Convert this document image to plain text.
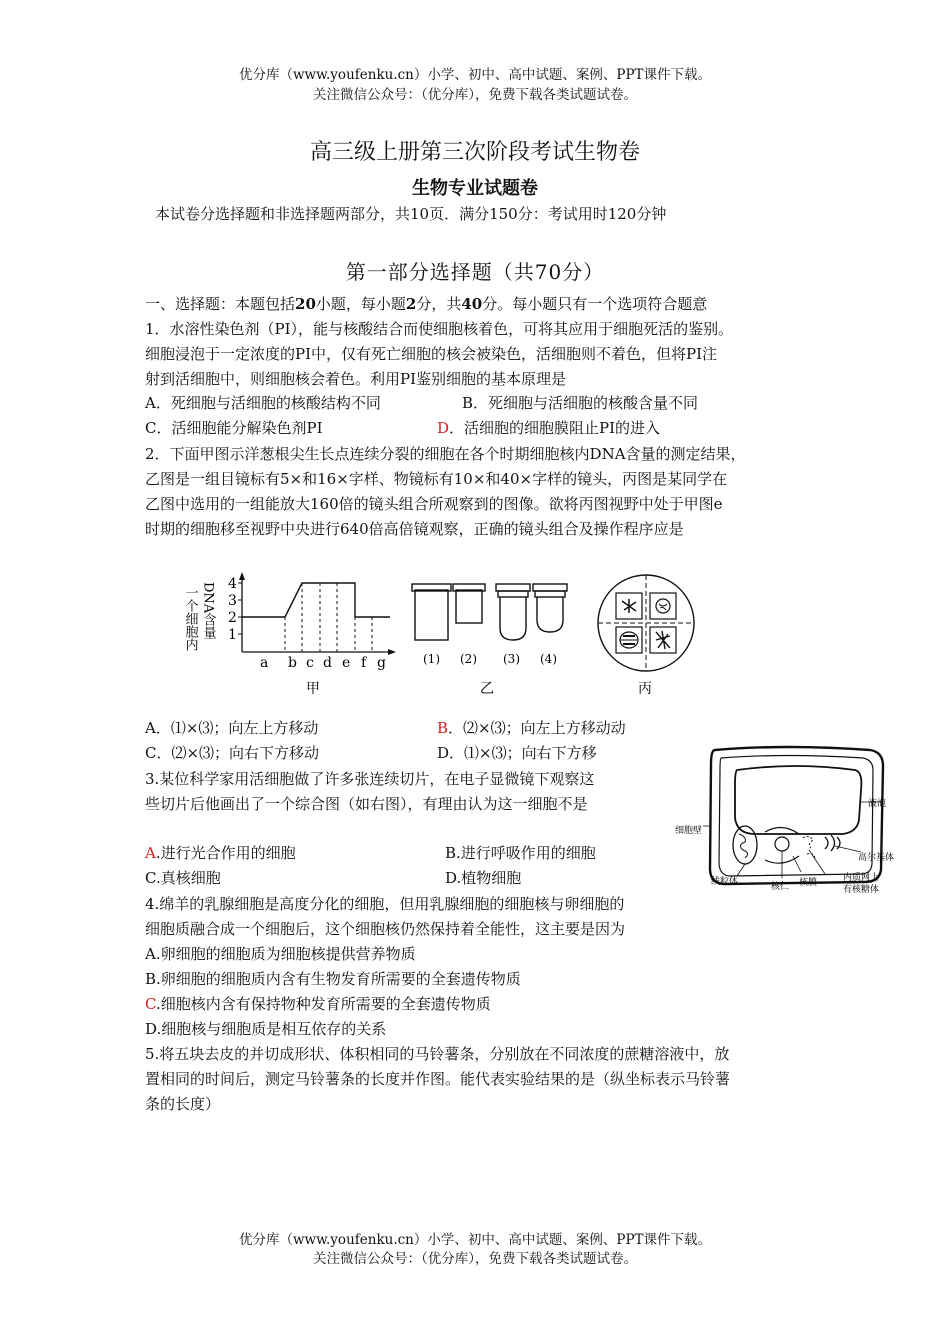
优分库（www.youfenku.cn）小学、初中、高中试题、案例、PPT课件下载。
关注微信公众号：（优分库），免费下载各类试题试卷。
高三级上册第三次阶段考试生物卷
生物专业试题卷
本试卷分选择题和非选择题两部分，共10页．满分150分：考试用时120分钟
第一部分选择题（共70分）
一、选择题：本题包括20小题，每小题2分，共40分。每小题只有一个选项符合题意
1．水溶性染色剂（PI），能与核酸结合而使细胞核着色，可将其应用于细胞死活的鉴别。
细胞浸泡于一定浓度的PI中，仅有死亡细胞的核会被染色，活细胞则不着色，但将PI注
射到活细胞中，则细胞核会着色。利用PI鉴别细胞的基本原理是
A．死细胞与活细胞的核酸结构不同	B．死细胞与活细胞的核酸含量不同
C．活细胞能分解染色剂PI	D．活细胞的细胞膜阻止PI的进入
2．下面甲图示洋葱根尖生长点连续分裂的细胞在各个时期细胞核内DNA含量的测定结果，
乙图是一组目镜标有5×和16×字样、物镜标有10×和40×字样的镜头，丙图是某同学在
乙图中选用的一组能放大160倍的镜头组合所观察到的图像。欲将丙图视野中处于甲图e
时期的细胞移至视野中央进行640倍高倍镜观察，正确的镜头组合及操作程序应是
一个细胞内 DNA含量 4
3
2
1
a b c d e f g
甲
(1) (2) (3) (4)
乙	丙
A．⑴×⑶；向左上方移动	B．⑵×⑶；向左上方移动动
C．⑵×⑶；向右下方移动	D．⑴×⑶；向右下方移
3.某位科学家用活细胞做了许多张连续切片，在电子显微镜下观察这
些切片后他画出了一个综合图（如右图），有理由认为这一细胞不是
A.进行光合作用的细胞	B.进行呼吸作用的细胞
C.真核细胞	D.植物细胞
液泡
细胞壁
高尔基体
线粒体	核仁 核膜	内质网上
有核糖体
4.绵羊的乳腺细胞是高度分化的细胞，但用乳腺细胞的细胞核与卵细胞的
细胞质融合成一个细胞后，这个细胞核仍然保持着全能性，这主要是因为
A.卵细胞的细胞质为细胞核提供营养物质
B.卵细胞的细胞质内含有生物发育所需要的全套遗传物质
C.细胞核内含有保持物种发育所需要的全套遗传物质
D.细胞核与细胞质是相互依存的关系
5.将五块去皮的并切成形状、体积相同的马铃薯条，分别放在不同浓度的蔗糖溶液中，放
置相同的时间后，测定马铃薯条的长度并作图。能代表实验结果的是（纵坐标表示马铃薯
条的长度）
优分库（www.youfenku.cn）小学、初中、高中试题、案例、PPT课件下载。
关注微信公众号：（优分库），免费下载各类试题试卷。
